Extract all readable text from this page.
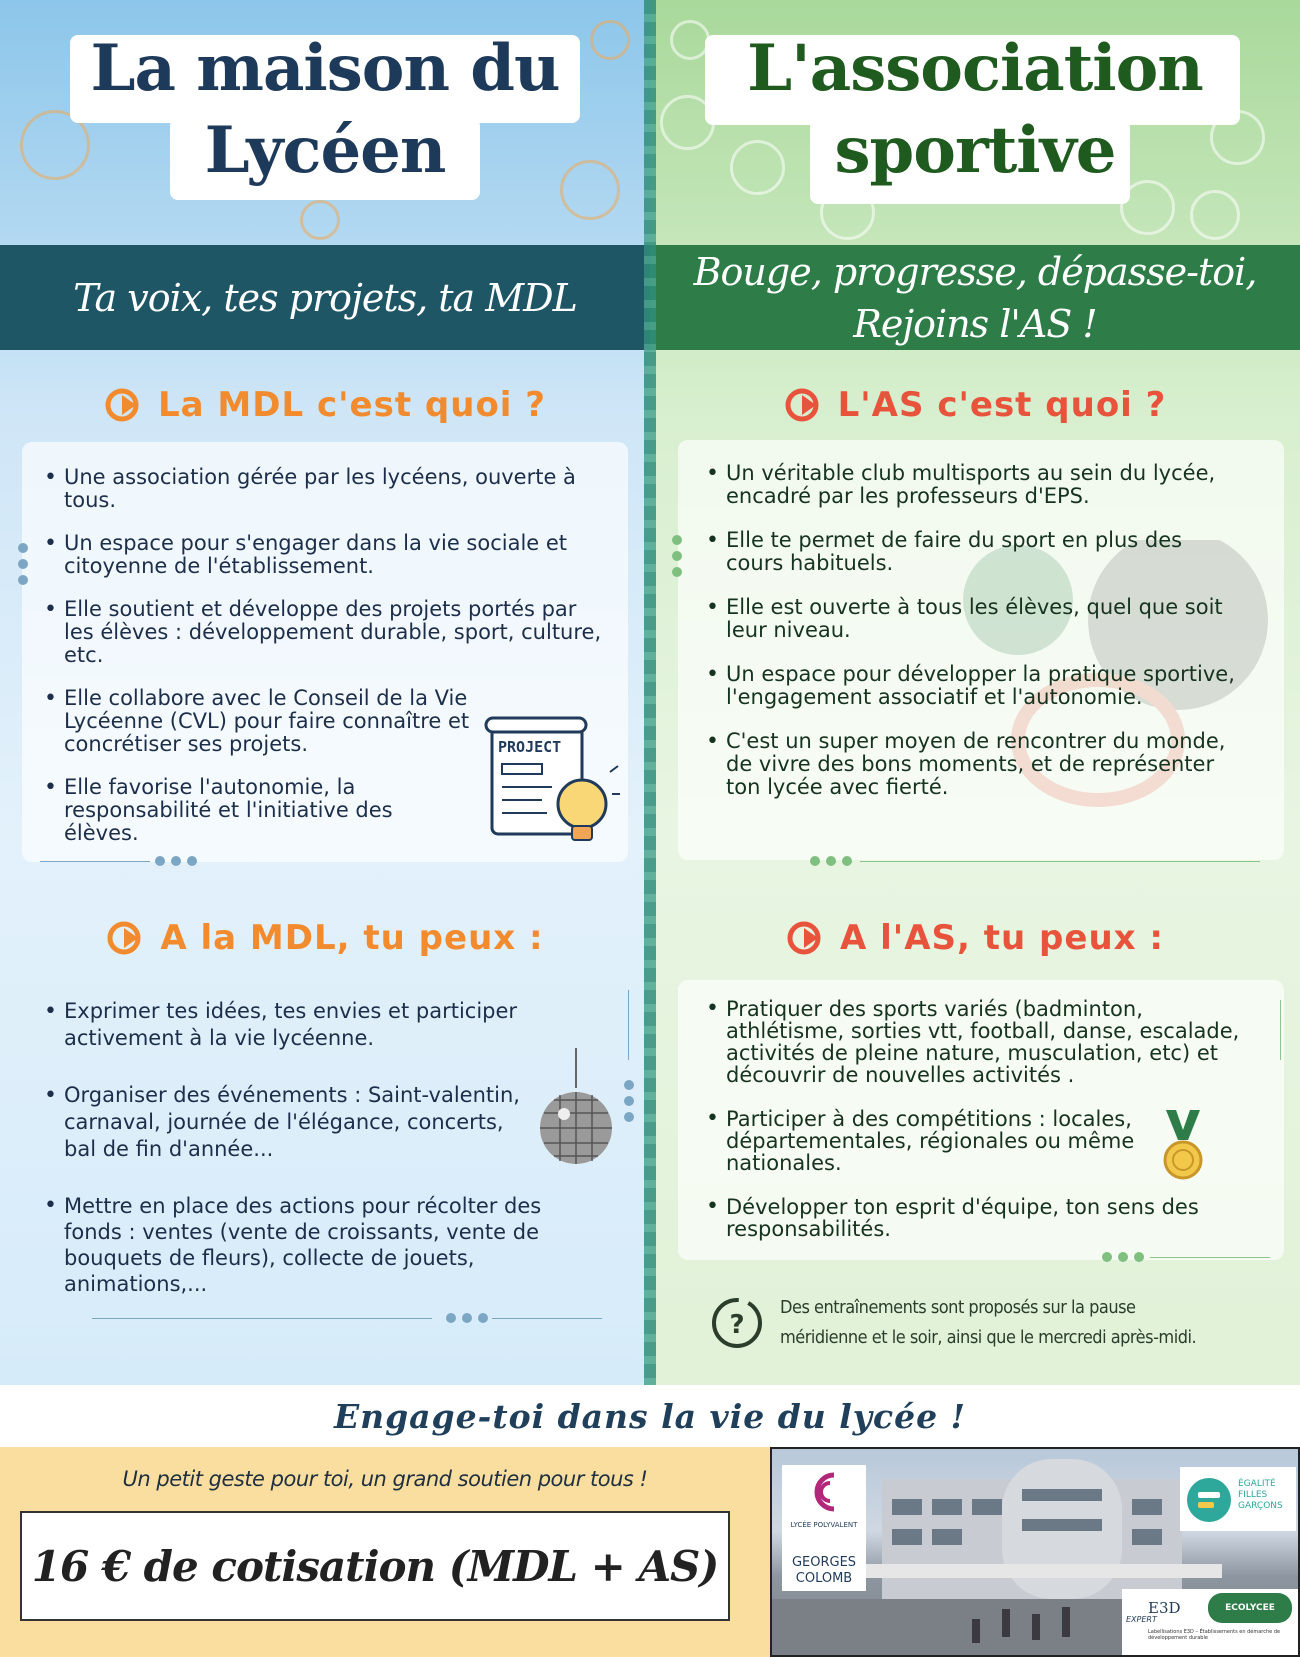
La maison du
Lycéen
Ta voix, tes projets, ta MDL
La MDL c'est quoi ?
• Une association gérée par les lycéens, ouverte à tous.
• Un espace pour s'engager dans la vie sociale et citoyenne de l'établissement.
• Elle soutient et développe des projets portés par les élèves : développement durable, sport, culture, etc.
• Elle collabore avec le Conseil de la Vie Lycéenne (CVL) pour faire connaître et concrétiser ses projets.
• Elle favorise l'autonomie, la responsabilité et l'initiative des élèves.
PROJECT
A la MDL, tu peux :
• Exprimer tes idées, tes envies et participer activement à la vie lycéenne.
• Organiser des événements : Saint-valentin, carnaval, journée de l'élégance, concerts, bal de fin d'année...
• Mettre en place des actions pour récolter des fonds : ventes (vente de croissants, vente de bouquets de fleurs), collecte de jouets, animations,...
L'association
sportive
Bouge, progresse, dépasse-toi,
Rejoins l'AS !
L'AS c'est quoi ?
• Un véritable club multisports au sein du lycée, encadré par les professeurs d'EPS.
• Elle te permet de faire du sport en plus des cours habituels.
• Elle est ouverte à tous les élèves, quel que soit leur niveau.
• Un espace pour développer la pratique sportive, l'engagement associatif et l'autonomie.
• C'est un super moyen de rencontrer du monde, de vivre des bons moments, et de représenter ton lycée avec fierté.
A l'AS, tu peux :
• Pratiquer des sports variés (badminton, athlétisme, sorties vtt, football, danse, escalade, activités de pleine nature, musculation, etc) et découvrir de nouvelles activités .
• Participer à des compétitions : locales, départementales, régionales ou même nationales.
• Développer ton esprit d'équipe, ton sens des responsabilités.
?
Des entraînements sont proposés sur la pause
méridienne et le soir, ainsi que le mercredi après-midi.
Engage-toi dans la vie du lycée !
Un petit geste pour toi, un grand soutien pour tous !
16 € de cotisation (MDL + AS)
LYCÉE POLYVALENT
GEORGES
COLOMB
ÉGALITÉ
FILLES
GARÇONS
E3D
EXPERT
Labellisations E3D – Établissements en démarche de développement durable
ECOLYCEE
